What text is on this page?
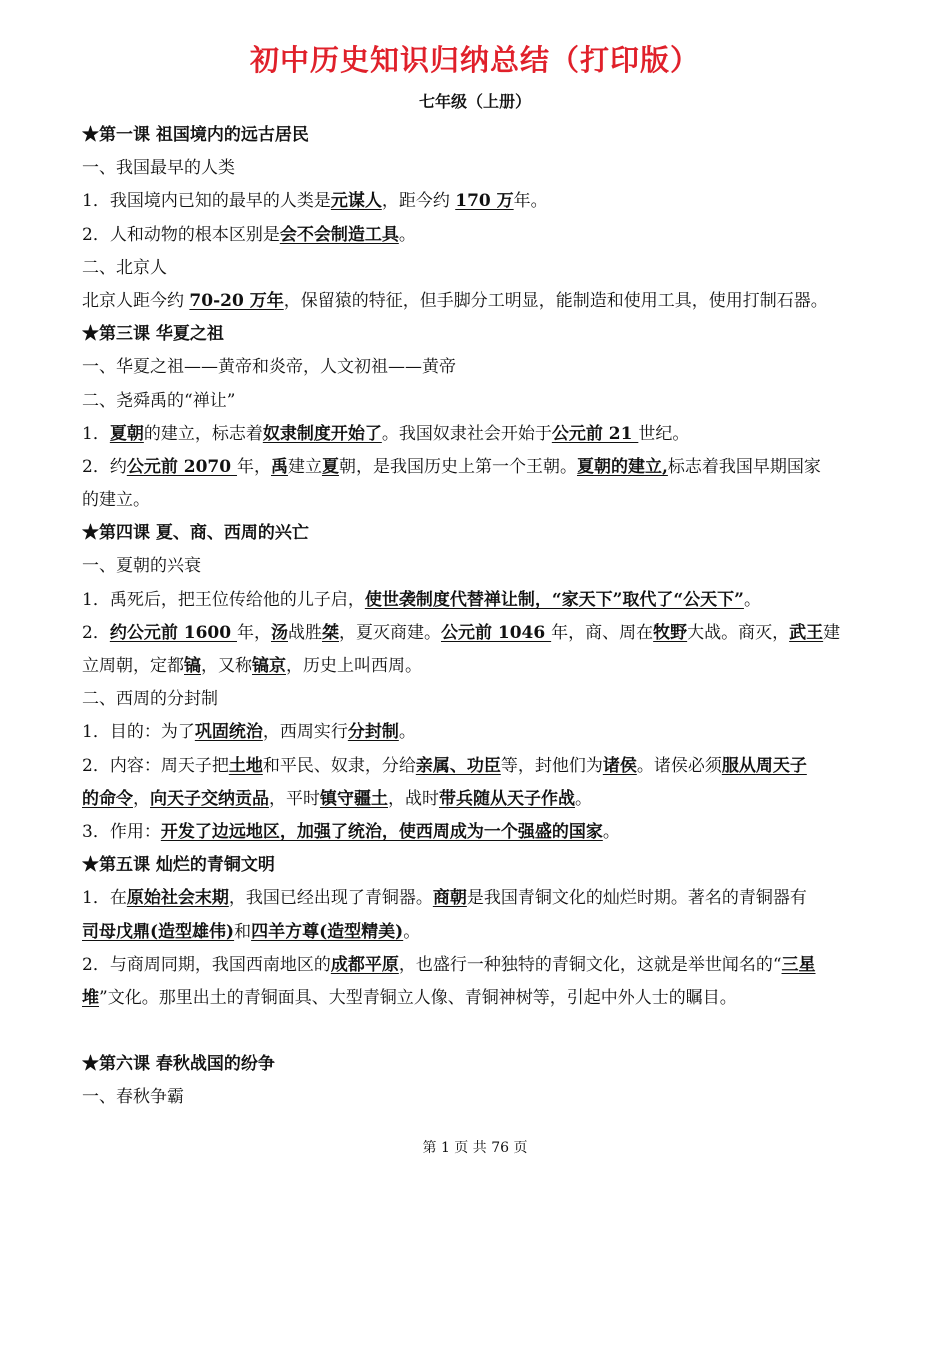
初中历史知识归纳总结（打印版）
七年级（上册）
★第一课 祖国境内的远古居民
一、我国最早的人类
1．我国境内已知的最早的人类是元谋人，距今约 170 万年。
2．人和动物的根本区别是会不会制造工具。
二、北京人
北京人距今约 70-20 万年，保留猿的特征，但手脚分工明显，能制造和使用工具，使用打制石器。
★第三课 华夏之祖
一、华夏之祖——黄帝和炎帝，人文初祖——黄帝
二、尧舜禹的“禅让”
1．夏朝的建立，标志着奴隶制度开始了。我国奴隶社会开始于公元前 21 世纪。
2．约公元前 2070 年，禹建立夏朝，是我国历史上第一个王朝。夏朝的建立,标志着我国早期国家
的建立。
★第四课 夏、商、西周的兴亡
一、夏朝的兴衰
1．禹死后，把王位传给他的儿子启，使世袭制度代替禅让制，“家天下”取代了“公天下”。
2．约公元前 1600 年，汤战胜桀，夏灭商建。公元前 1046 年，商、周在牧野大战。商灭，武王建
立周朝，定都镐，又称镐京，历史上叫西周。
二、西周的分封制
1．目的：为了巩固统治，西周实行分封制。
2．内容：周天子把土地和平民、奴隶，分给亲属、功臣等，封他们为诸侯。诸侯必须服从周天子
的命令，向天子交纳贡品，平时镇守疆土，战时带兵随从天子作战。
3．作用：开发了边远地区，加强了统治，使西周成为一个强盛的国家。
★第五课 灿烂的青铜文明
1．在原始社会末期，我国已经出现了青铜器。商朝是我国青铜文化的灿烂时期。著名的青铜器有
司母戊鼎(造型雄伟)和四羊方尊(造型精美)。
2．与商周同期，我国西南地区的成都平原，也盛行一种独特的青铜文化，这就是举世闻名的“三星
堆”文化。那里出土的青铜面具、大型青铜立人像、青铜神树等，引起中外人士的瞩目。
★第六课 春秋战国的纷争
一、春秋争霸
第 1 页 共 76 页
